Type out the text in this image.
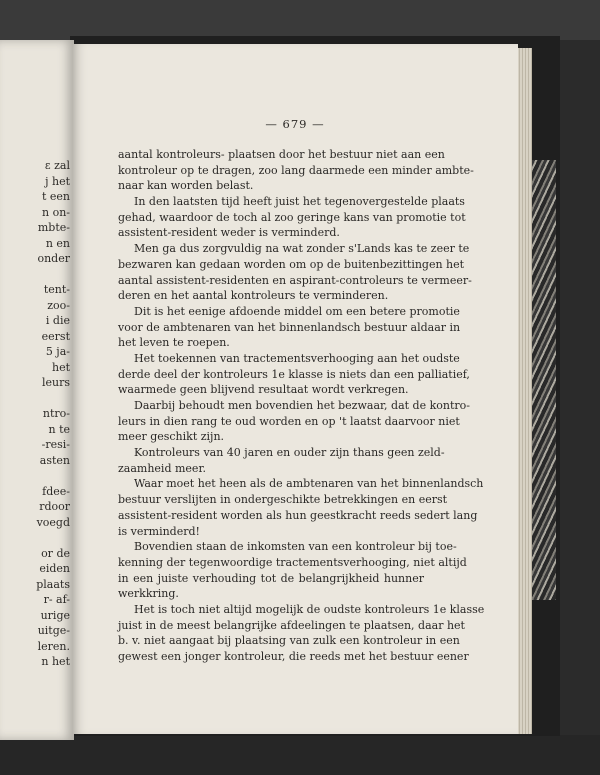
ε zal
j het
t een
n on-
mbte-
n en
onder

tent-
zoo-
i die
eerst
5 ja-
het
leurs

ntro-
n te
-resi-
asten

fdee-
rdoor
voegd

or de
eiden
plaats
r- af-
urige
uitge-
leren.
n het
— 679 —
aantal kontroleurs- plaatsen door het bestuur niet aan een
kontroleur op te dragen, zoo lang daarmede een minder ambte-
naar kan worden belast.
In den laatsten tijd heeft juist het tegenovergestelde plaats
gehad, waardoor de toch al zoo geringe kans van promotie tot
assistent-resident weder is verminderd.
Men ga dus zorgvuldig na wat zonder s'Lands kas te zeer te
bezwaren kan gedaan worden om op de buitenbezittingen het
aantal assistent-residenten en aspirant-controleurs te vermeer-
deren en het aantal kontroleurs te verminderen.
Dit is het eenige afdoende middel om een betere promotie
voor de ambtenaren van het binnenlandsch bestuur aldaar in
het leven te roepen.
Het toekennen van tractementsverhooging aan het oudste
derde deel der kontroleurs 1e klasse is niets dan een palliatief,
waarmede geen blijvend resultaat wordt verkregen.
Daarbij behoudt men bovendien het bezwaar, dat de kontro-
leurs in dien rang te oud worden en op 't laatst daarvoor niet
meer geschikt zijn.
Kontroleurs van 40 jaren en ouder zijn thans geen zeld-
zaamheid meer.
Waar moet het heen als de ambtenaren van het binnenlandsch
bestuur verslijten in ondergeschikte betrekkingen en eerst
assistent-resident worden als hun geestkracht reeds sedert lang
is verminderd!
Bovendien staan de inkomsten van een kontroleur bij toe-
kenning der tegenwoordige tractementsverhooging, niet altijd
in een juiste verhouding tot de belangrijkheid hunner
werkkring.
Het is toch niet altijd mogelijk de oudste kontroleurs 1e klasse
juist in de meest belangrijke afdeelingen te plaatsen, daar het
b. v. niet aangaat bij plaatsing van zulk een kontroleur in een
gewest een jonger kontroleur, die reeds met het bestuur eener
